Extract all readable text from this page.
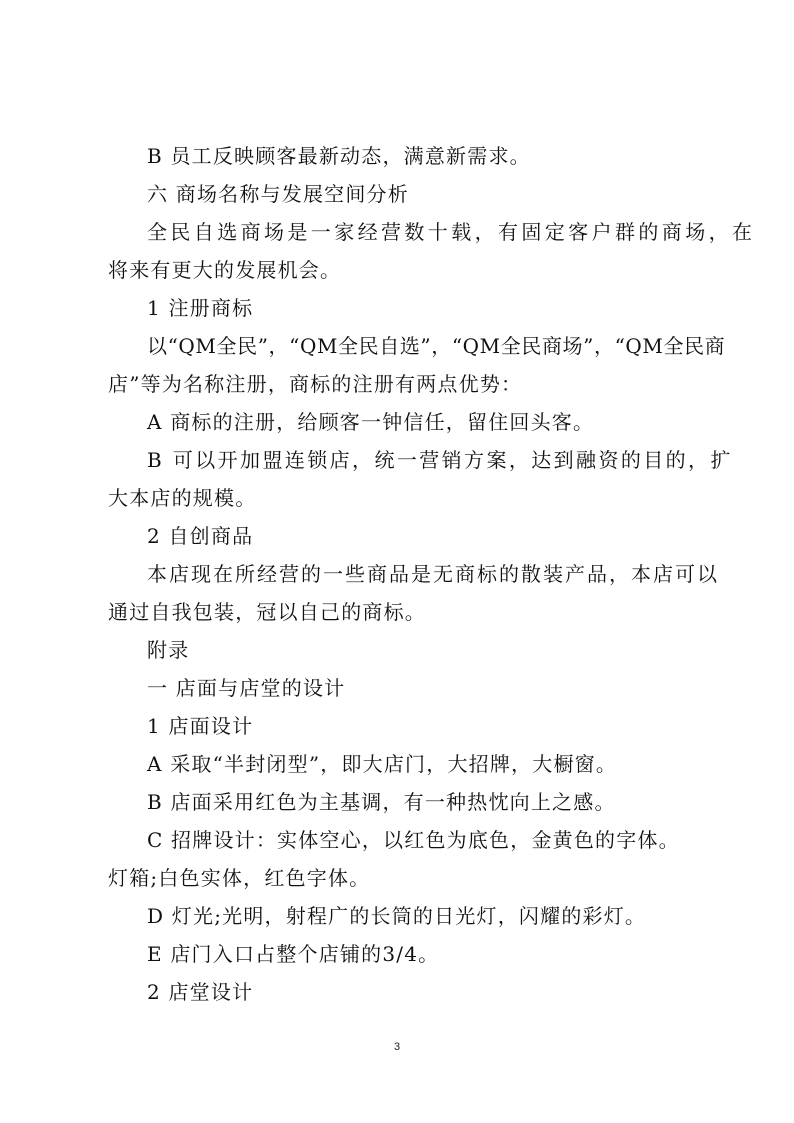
B 员工反映顾客最新动态，满意新需求。
六 商场名称与发展空间分析
全民自选商场是一家经营数十载，有固定客户群的商场，在
将来有更大的发展机会。
1 注册商标
以“QM全民”，“QM全民自选”，“QM全民商场”，“QM全民商
店”等为名称注册，商标的注册有两点优势：
A 商标的注册，给顾客一钟信任，留住回头客。
B 可以开加盟连锁店，统一营销方案，达到融资的目的，扩
大本店的规模。
2 自创商品
本店现在所经营的一些商品是无商标的散装产品，本店可以
通过自我包装，冠以自己的商标。
附录
一 店面与店堂的设计
1 店面设计
A 采取“半封闭型”，即大店门，大招牌，大橱窗。
B 店面采用红色为主基调，有一种热忱向上之感。
C 招牌设计：实体空心，以红色为底色，金黄色的字体。
灯箱;白色实体，红色字体。
D 灯光;光明，射程广的长筒的日光灯，闪耀的彩灯。
E 店门入口占整个店铺的3/4。
2 店堂设计
3
